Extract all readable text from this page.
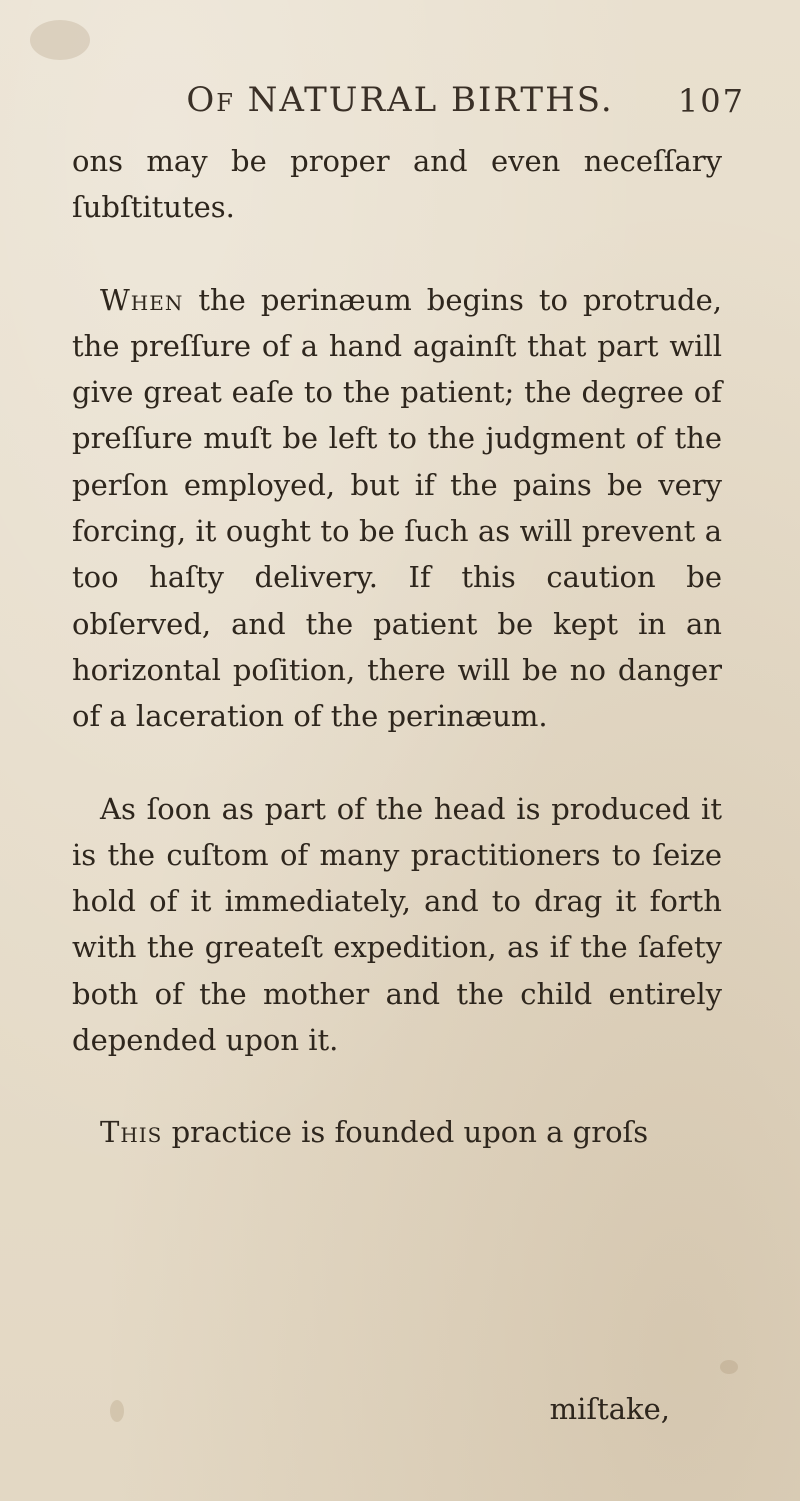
Of NATURAL BIRTHS. 107

ons may be proper and even neceſſary ſubſtitutes.

When the perinæum begins to protrude, the preſſure of a hand againſt that part will give great eaſe to the patient; the degree of preſſure muſt be left to the judgment of the perſon employed, but if the pains be very forcing, it ought to be ſuch as will prevent a too haſty delivery. If this caution be obſerved, and the patient be kept in an horizontal poſition, there will be no danger of a laceration of the perinæum.

As ſoon as part of the head is produced it is the cuſtom of many practitioners to ſeize hold of it immediately, and to drag it forth with the greateſt expedition, as if the ſafety both of the mother and the child entirely depended upon it.

This practice is founded upon a groſs

miſtake,
